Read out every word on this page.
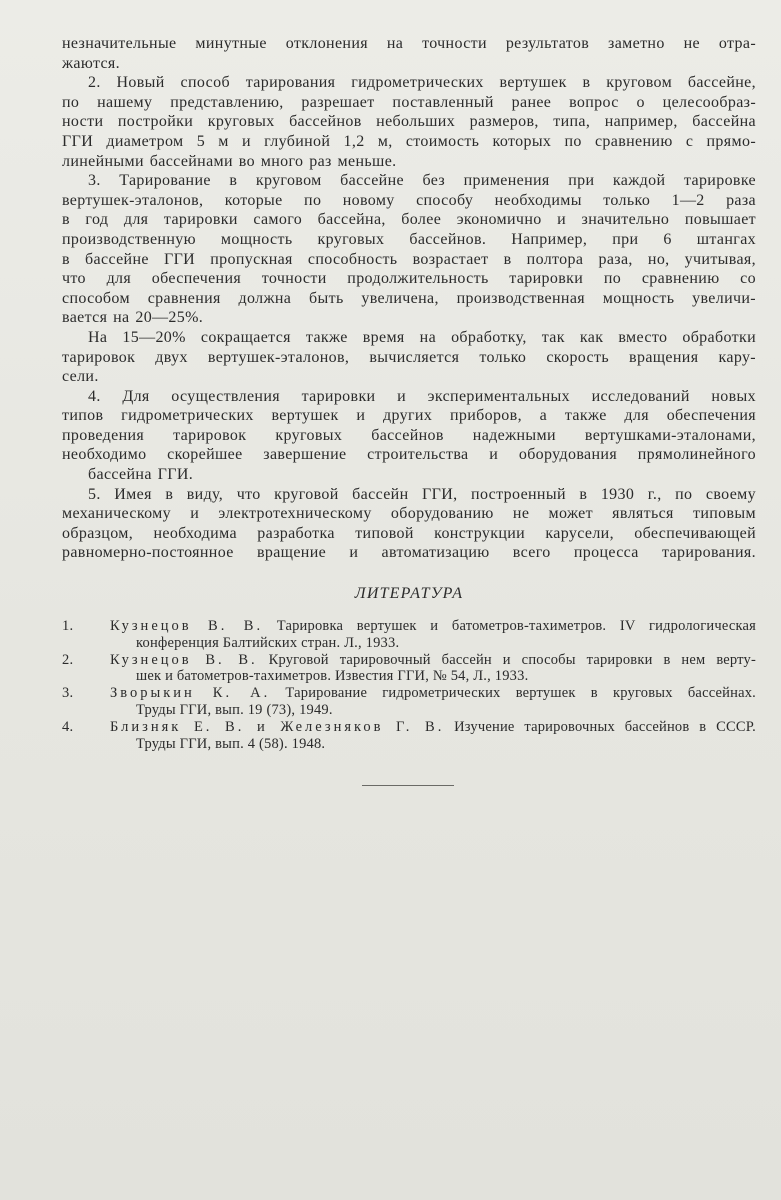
незначительные минутные отклонения на точности результатов заметно не отра-
жаются.

2. Новый способ тарирования гидрометрических вертушек в круговом бассейне,
по нашему представлению, разрешает поставленный ранее вопрос о целесообраз-
ности постройки круговых бассейнов небольших размеров, типа, например, бассейна
ГГИ диаметром 5 м и глубиной 1,2 м, стоимость которых по сравнению с прямо-
линейными бассейнами во много раз меньше.

3. Тарирование в круговом бассейне без применения при каждой тарировке
вертушек-эталонов, которые по новому способу необходимы только 1—2 раза
в год для тарировки самого бассейна, более экономично и значительно повышает
производственную мощность круговых бассейнов. Например, при 6 штангах
в бассейне ГГИ пропускная способность возрастает в полтора раза, но, учитывая,
что для обеспечения точности продолжительность тарировки по сравнению со
способом сравнения должна быть увеличена, производственная мощность увеличи-
вается на 20—25%.

На 15—20% сокращается также время на обработку, так как вместо обработки
тарировок двух вертушек-эталонов, вычисляется только скорость вращения кару-
сели.

4. Для осуществления тарировки и экспериментальных исследований новых
типов гидрометрических вертушек и других приборов, а также для обеспечения
проведения тарировок круговых бассейнов надежными вертушками-эталонами,
необходимо скорейшее завершение строительства и оборудования прямолинейного
бассейна ГГИ.

5. Имея в виду, что круговой бассейн ГГИ, построенный в 1930 г., по своему
механическому и электротехническому оборудованию не может являться типовым
образцом, необходима разработка типовой конструкции карусели, обеспечивающей
равномерно-постоянное вращение и автоматизацию всего процесса тарирования.

ЛИТЕРАТУРА
1.	Кузнецов В. В. Тарировка вертушек и батометров-тахиметров. IV гидрологическая
конференция Балтийских стран. Л., 1933.
2.	Кузнецов В. В. Круговой тарировочный бассейн и способы тарировки в нем верту-
шек и батометров-тахиметров. Известия ГГИ, № 54, Л., 1933.
3.	Зворыкин К. А. Тарирование гидрометрических вертушек в круговых бассейнах.
Труды ГГИ, вып. 19 (73), 1949.
4.	Близняк Е. В. и Железняков Г. В. Изучение тарировочных бассейнов в СССР.
Труды ГГИ, вып. 4 (58). 1948.
